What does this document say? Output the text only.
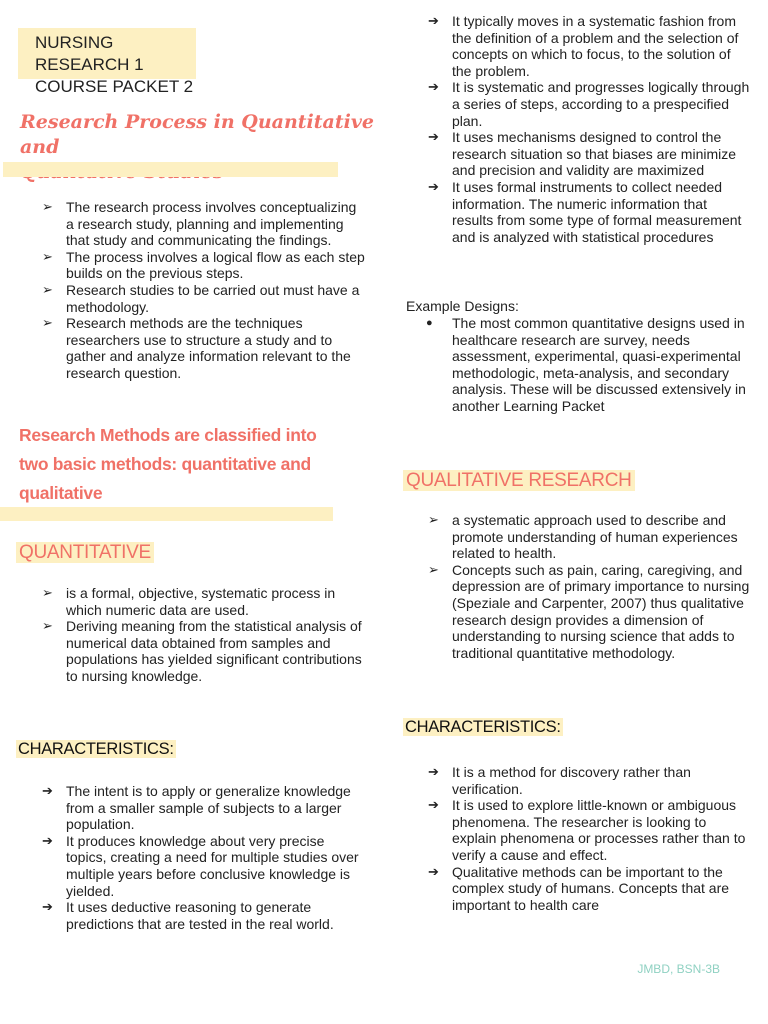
NURSING RESEARCH 1
COURSE PACKET 2
Research Process in Quantitative and
➢ The research process involves conceptualizing a research study, planning and implementing that study and communicating the findings.
➢ The process involves a logical flow as each step builds on the previous steps.
➢ Research studies to be carried out must have a methodology.
➢ Research methods are the techniques researchers use to structure a study and to gather and analyze information relevant to the research question.
Research Methods are classified into
two basic methods: quantitative and
qualitative
QUANTITATIVE
➢ is a formal, objective, systematic process in which numeric data are used.
➢ Deriving meaning from the statistical analysis of numerical data obtained from samples and populations has yielded significant contributions to nursing knowledge.
CHARACTERISTICS:
➔ The intent is to apply or generalize knowledge from a smaller sample of subjects to a larger population.
➔ It produces knowledge about very precise topics, creating a need for multiple studies over multiple years before conclusive knowledge is yielded.
➔ It uses deductive reasoning to generate predictions that are tested in the real world.
➔ It typically moves in a systematic fashion from the definition of a problem and the selection of concepts on which to focus, to the solution of the problem.
➔ It is systematic and progresses logically through a series of steps, according to a prespecified plan.
➔ It uses mechanisms designed to control the research situation so that biases are minimize and precision and validity are maximized
➔ It uses formal instruments to collect needed information. The numeric information that results from some type of formal measurement and is analyzed with statistical procedures
Example Designs:
● The most common quantitative designs used in healthcare research are survey, needs assessment, experimental, quasi-experimental methodologic, meta-analysis, and secondary analysis. These will be discussed extensively in another Learning Packet
QUALITATIVE RESEARCH
➢ a systematic approach used to describe and promote understanding of human experiences related to health.
➢ Concepts such as pain, caring, caregiving, and depression are of primary importance to nursing (Speziale and Carpenter, 2007) thus qualitative research design provides a dimension of understanding to nursing science that adds to traditional quantitative methodology.
CHARACTERISTICS:
➔ It is a method for discovery rather than verification.
➔ It is used to explore little-known or ambiguous phenomena. The researcher is looking to explain phenomena or processes rather than to verify a cause and effect.
➔ Qualitative methods can be important to the complex study of humans. Concepts that are important to health care
JMBD, BSN-3B
